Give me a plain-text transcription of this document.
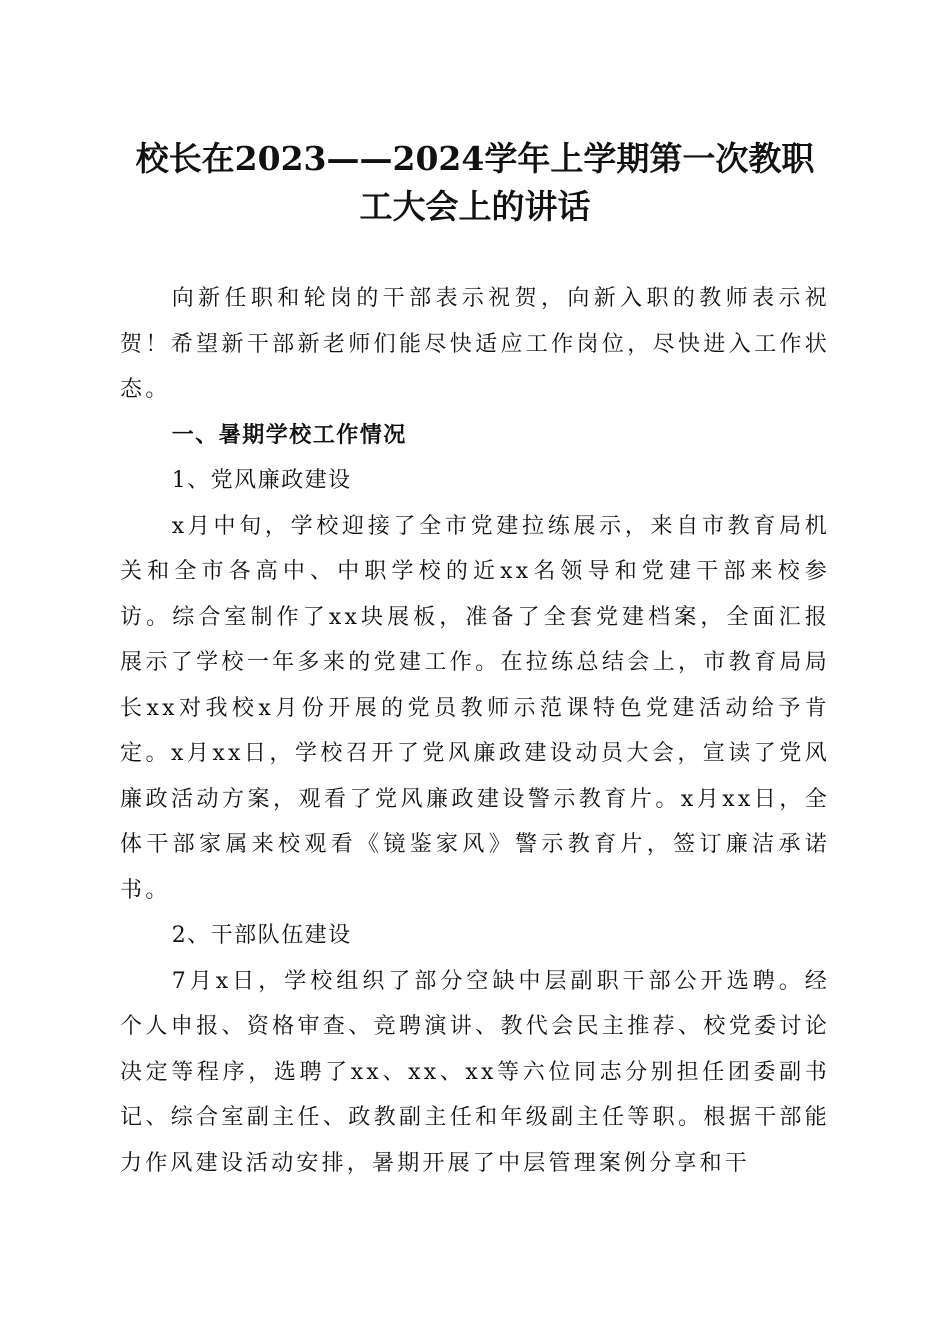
校长在2023——2024学年上学期第一次教职
工大会上的讲话

向新任职和轮岗的干部表示祝贺，向新入职的教师表示祝贺！希望新干部新老师们能尽快适应工作岗位，尽快进入工作状态。

一、暑期学校工作情况

1、党风廉政建设

x月中旬，学校迎接了全市党建拉练展示，来自市教育局机关和全市各高中、中职学校的近xx名领导和党建干部来校参访。综合室制作了xx块展板，准备了全套党建档案，全面汇报展示了学校一年多来的党建工作。在拉练总结会上，市教育局局长xx对我校x月份开展的党员教师示范课特色党建活动给予肯定。x月xx日，学校召开了党风廉政建设动员大会，宣读了党风廉政活动方案，观看了党风廉政建设警示教育片。x月xx日，全体干部家属来校观看《镜鉴家风》警示教育片，签订廉洁承诺书。

2、干部队伍建设

7月x日，学校组织了部分空缺中层副职干部公开选聘。经个人申报、资格审查、竞聘演讲、教代会民主推荐、校党委讨论决定等程序，选聘了xx、xx、xx等六位同志分别担任团委副书记、综合室副主任、政教副主任和年级副主任等职。根据干部能力作风建设活动安排，暑期开展了中层管理案例分享和干
